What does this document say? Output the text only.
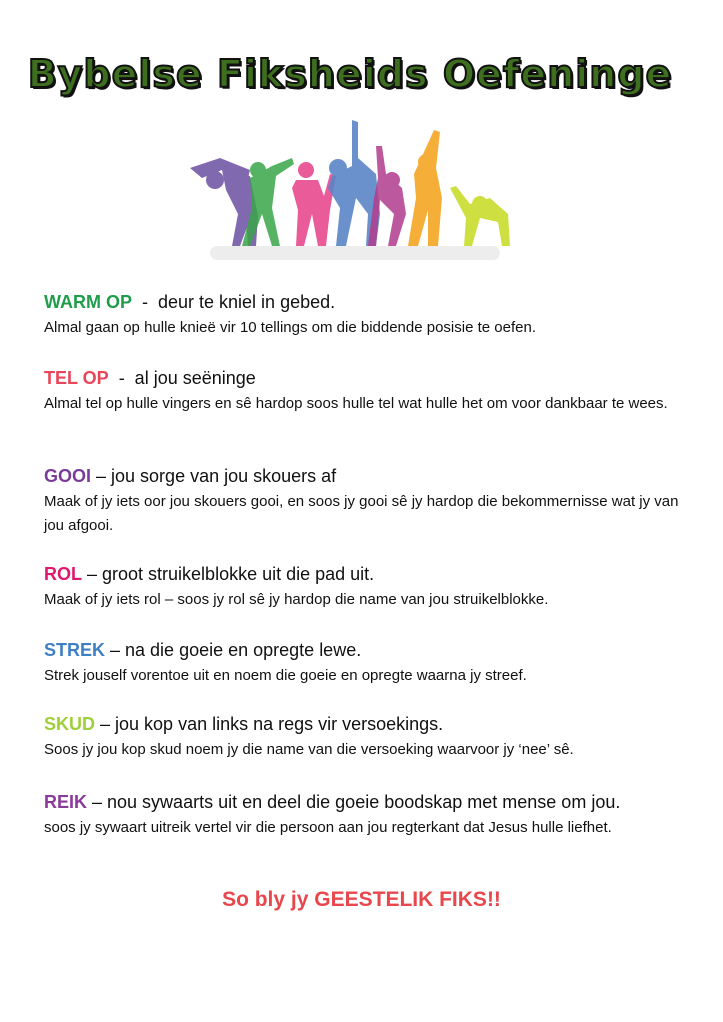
Bybelse Fiksheids Oefeninge
WARM OP  -  deur te kniel in gebed.
Almal gaan op hulle knieë vir 10 tellings om die biddende posisie te oefen.
TEL OP  -  al jou seëninge
Almal tel op hulle vingers en sê hardop soos hulle tel wat hulle het om voor dankbaar te wees.
GOOI – jou sorge van jou skouers af
Maak of jy iets oor jou skouers gooi, en soos jy gooi sê jy hardop die bekommernisse wat jy van jou afgooi.
ROL – groot struikelblokke uit die pad uit.
Maak of jy iets rol – soos jy rol sê jy hardop die name van jou struikelblokke.
STREK – na die goeie en opregte lewe.
Strek jouself vorentoe uit en noem die goeie en opregte waarna jy streef.
SKUD – jou kop van links na regs vir versoekings.
Soos jy jou kop skud noem jy die name van die versoeking waarvoor jy ‘nee’ sê.
REIK – nou sywaarts uit en deel die goeie boodskap met mense om jou.
soos jy sywaart uitreik vertel vir die persoon aan jou regterkant dat Jesus hulle liefhet.
So bly jy GEESTELIK FIKS!!
